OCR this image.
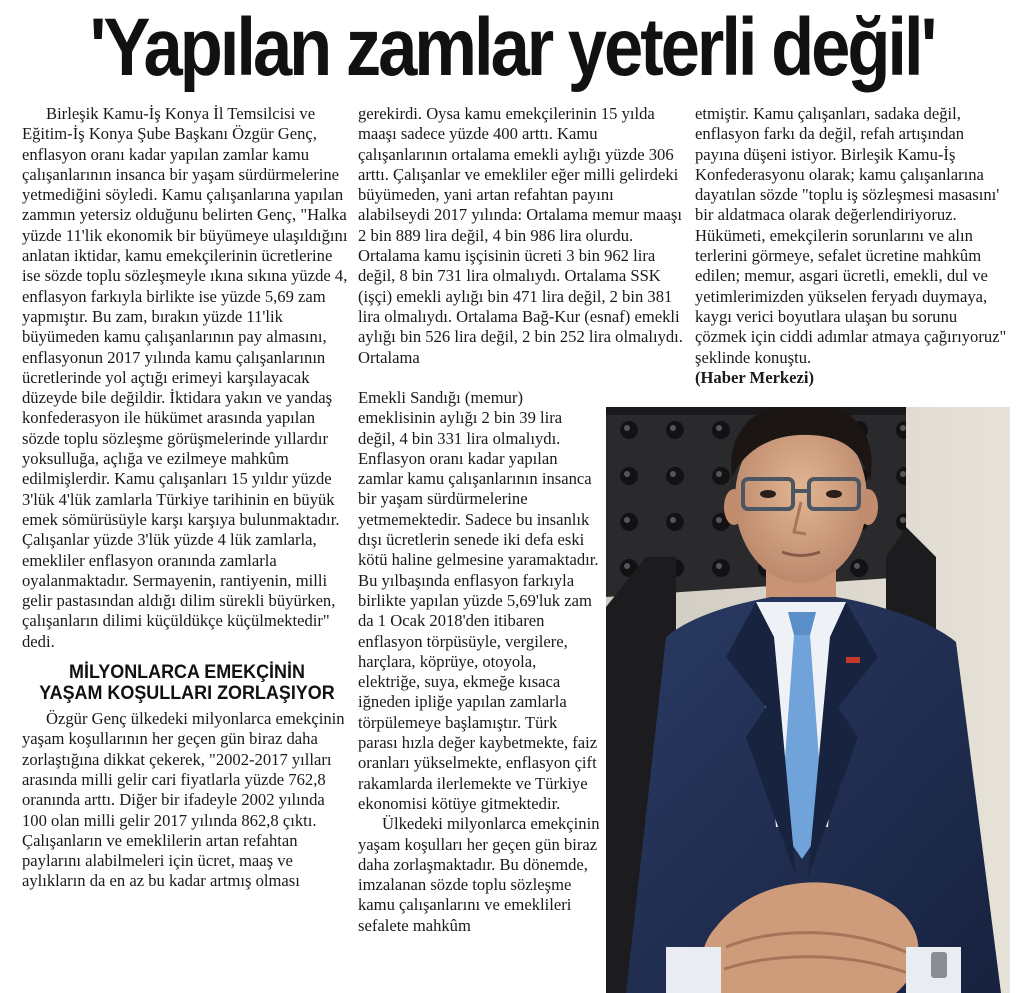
'Yapılan zamlar yeterli değil'

Birleşik Kamu-İş Konya İl Temsilcisi ve Eğitim-İş Konya Şube Başkanı Özgür Genç, enflasyon oranı kadar yapılan zamlar kamu çalışanlarının insanca bir yaşam sürdürmelerine yetmediğini söyledi. Kamu çalışanlarına yapılan zammın yetersiz olduğunu belirten Genç, "Halka yüzde 11'lik ekonomik bir büyümeye ulaşıldığını anlatan iktidar, kamu emekçilerinin ücretlerine ise sözde toplu sözleşmeyle ıkına sıkına yüzde 4, enflasyon farkıyla birlikte ise yüzde 5,69 zam yapmıştır. Bu zam, bırakın yüzde 11'lik büyümeden kamu çalışanlarının pay almasını, enflasyonun 2017 yılında kamu çalışanlarının ücretlerinde yol açtığı erimeyi karşılayacak düzeyde bile değildir. İktidara yakın ve yandaş konfederasyon ile hükümet arasında yapılan sözde toplu sözleşme görüşmelerinde yıllardır yoksulluğa, açlığa ve ezilmeye mahkûm edilmişlerdir. Kamu çalışanları 15 yıldır yüzde 3'lük 4'lük zamlarla Türkiye tarihinin en büyük emek sömürüsüyle karşı karşıya bulunmaktadır. Çalışanlar yüzde 3'lük yüzde 4 lük zamlarla, emekliler enflasyon oranında zamlarla oyalanmaktadır. Sermayenin, rantiyenin, milli gelir pastasından aldığı dilim sürekli büyürken, çalışanların dilimi küçüldükçe küçülmektedir" dedi.

MİLYONLARCA EMEKÇİNİN YAŞAM KOŞULLARI ZORLAŞIYOR

Özgür Genç ülkedeki milyonlarca emekçinin yaşam koşullarının her geçen gün biraz daha zorlaştığına dikkat çekerek, "2002-2017 yılları arasında milli gelir cari fiyatlarla yüzde 762,8 oranında arttı. Diğer bir ifadeyle 2002 yılında 100 olan milli gelir 2017 yılında 862,8 çıktı. Çalışanların ve emeklilerin artan refahtan paylarını alabilmeleri için ücret, maaş ve aylıkların da en az bu kadar artmış olması

gerekirdi. Oysa kamu emekçilerinin 15 yılda maaşı sadece yüzde 400 arttı. Kamu çalışanlarının ortalama emekli aylığı yüzde 306 arttı. Çalışanlar ve emekliler eğer milli gelirdeki büyümeden, yani artan refahtan payını alabilseydi 2017 yılında: Ortalama memur maaşı 2 bin 889 lira değil, 4 bin 986 lira olurdu. Ortalama kamu işçisinin ücreti 3 bin 962 lira değil, 8 bin 731 lira olmalıydı. Ortalama SSK (işçi) emekli aylığı bin 471 lira değil, 2 bin 381 lira olmalıydı. Ortalama Bağ-Kur (esnaf) emekli aylığı bin 526 lira değil, 2 bin 252 lira olmalıydı. Ortalama

Emekli Sandığı (memur) emeklisinin aylığı 2 bin 39 lira değil, 4 bin 331 lira olmalıydı. Enflasyon oranı kadar yapılan zamlar kamu çalışanlarının insanca bir yaşam sürdürmelerine yetmemektedir. Sadece bu insanlık dışı ücretlerin senede iki defa eski kötü haline gelmesine yaramaktadır. Bu yılbaşında enflasyon farkıyla birlikte yapılan yüzde 5,69'luk zam da 1 Ocak 2018'den itibaren enflasyon törpüsüyle, vergilere, harçlara, köprüye, otoyola, elektriğe, suya, ekmeğe kısaca iğneden ipliğe yapılan zamlarla törpülemeye başlamıştır. Türk parası hızla değer kaybetmekte, faiz oranları yükselmekte, enflasyon çift rakamlarda ilerlemekte ve Türkiye ekonomisi kötüye gitmektedir.

Ülkedeki milyonlarca emekçinin yaşam koşulları her geçen gün biraz daha zorlaşmaktadır. Bu dönemde, imzalanan sözde toplu sözleşme kamu çalışanlarını ve emeklileri sefalete mahkûm

etmiştir. Kamu çalışanları, sadaka değil, enflasyon farkı da değil, refah artışından payına düşeni istiyor. Birleşik Kamu-İş Konfederasyonu olarak; kamu çalışanlarına dayatılan sözde "toplu iş sözleşmesi masasını' bir aldatmaca olarak değerlendiriyoruz. Hükümeti, emekçilerin sorunlarını ve alın terlerini görmeye, sefalet ücretine mahkûm edilen; memur, asgari ücretli, emekli, dul ve yetimlerimizden yükselen feryadı duymaya, kaygı verici boyutlara ulaşan bu sorunu çözmek için ciddi adımlar atmaya çağırıyoruz" şeklinde konuştu.

(Haber Merkezi)
